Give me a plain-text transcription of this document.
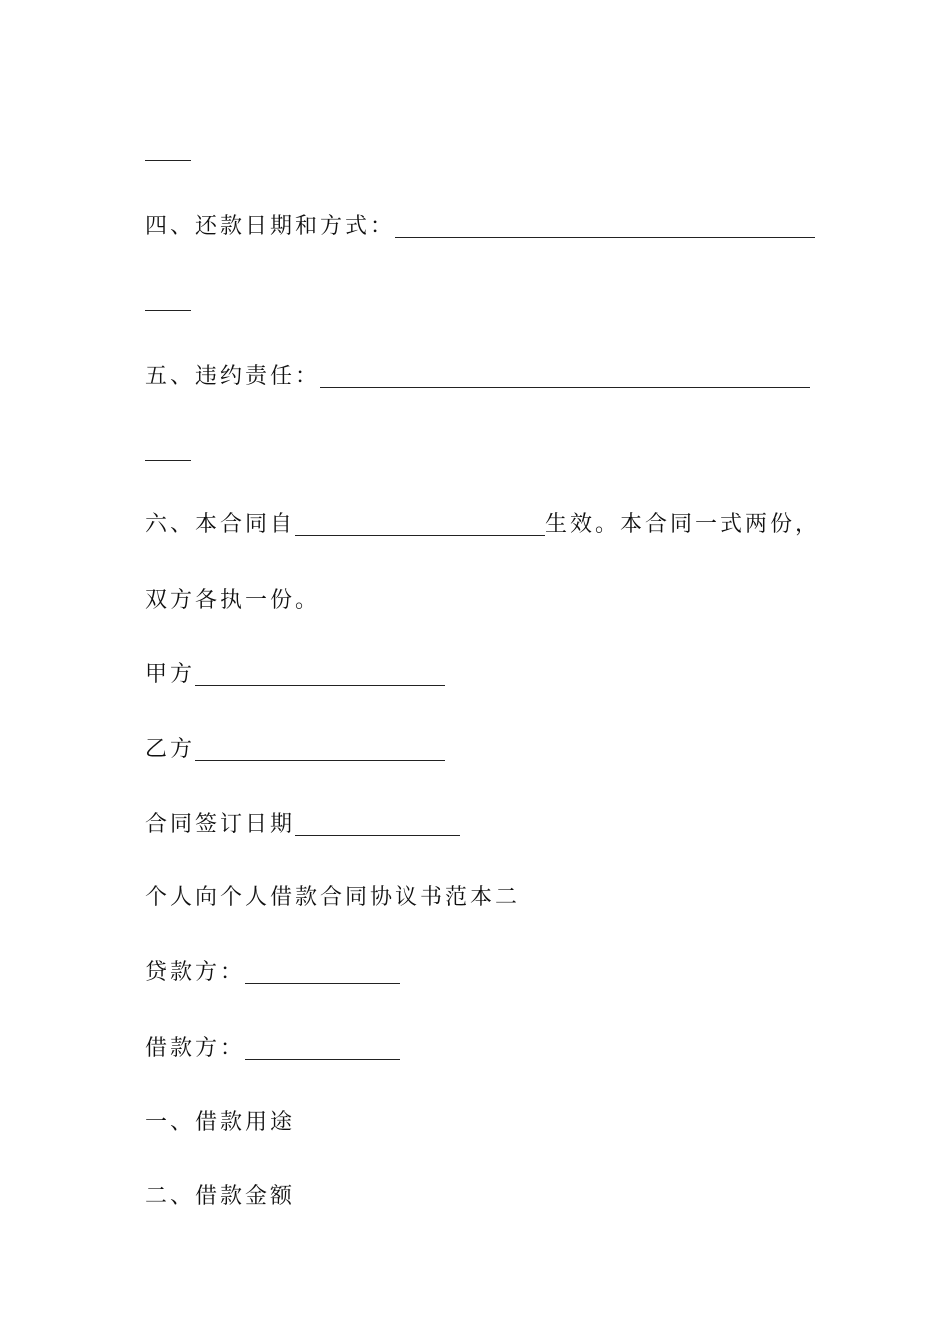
四、还款日期和方式：
五、违约责任：
六、本合同自	生效。本合同一式两份，
双方各执一份。
甲方
乙方
合同签订日期
个人向个人借款合同协议书范本二
贷款方：
借款方：
一、借款用途
二、借款金额
